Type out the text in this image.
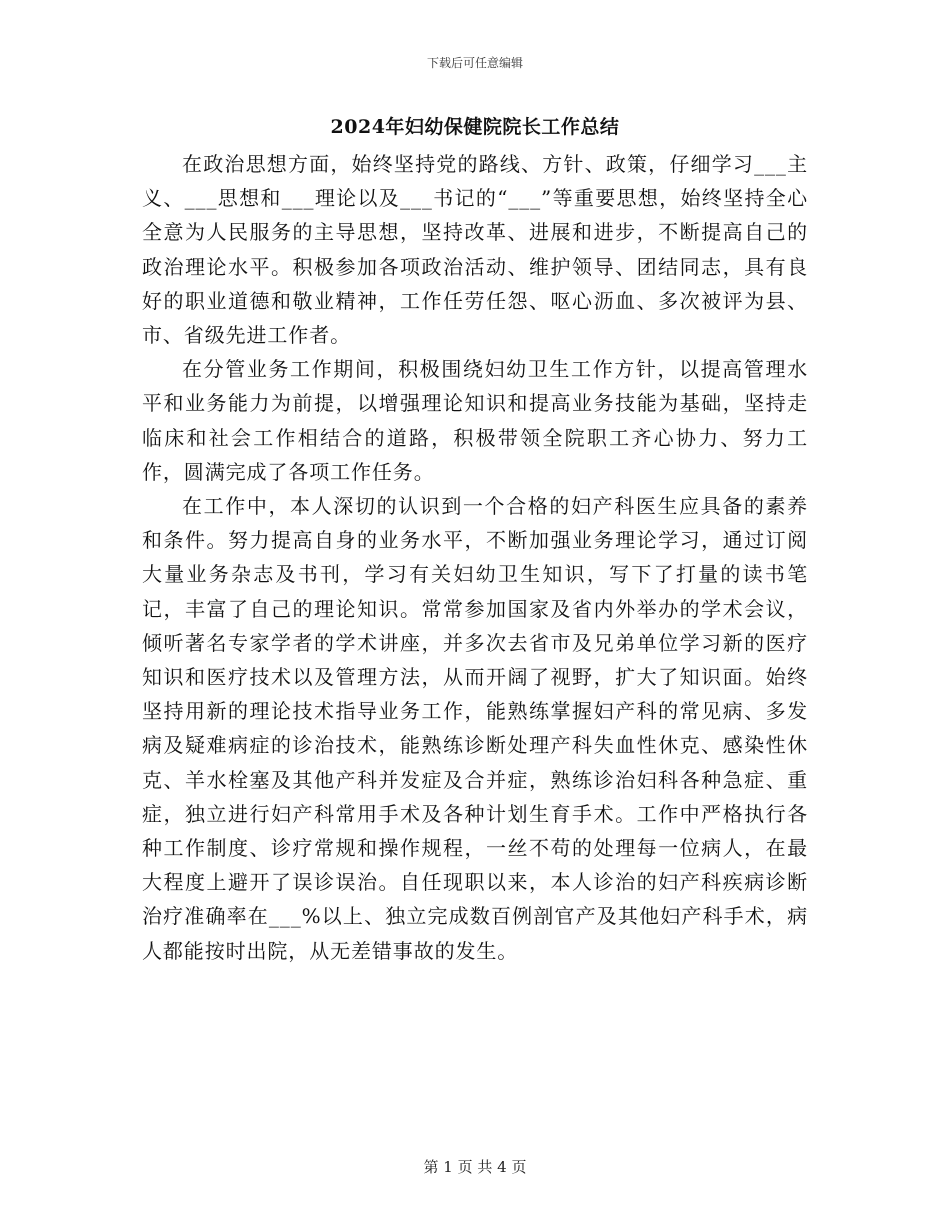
下载后可任意编辑
2024年妇幼保健院院长工作总结

在政治思想方面，始终坚持党的路线、方针、政策，仔细学习___主义、___思想和___理论以及___书记的“___”等重要思想，始终坚持全心全意为人民服务的主导思想，坚持改革、进展和进步，不断提高自己的政治理论水平。积极参加各项政治活动、维护领导、团结同志，具有良好的职业道德和敬业精神，工作任劳任怨、呕心沥血、多次被评为县、市、省级先进工作者。

在分管业务工作期间，积极围绕妇幼卫生工作方针，以提高管理水平和业务能力为前提，以增强理论知识和提高业务技能为基础，坚持走临床和社会工作相结合的道路，积极带领全院职工齐心协力、努力工作，圆满完成了各项工作任务。

在工作中，本人深切的认识到一个合格的妇产科医生应具备的素养和条件。努力提高自身的业务水平，不断加强业务理论学习，通过订阅大量业务杂志及书刊，学习有关妇幼卫生知识，写下了打量的读书笔记，丰富了自己的理论知识。常常参加国家及省内外举办的学术会议，倾听著名专家学者的学术讲座，并多次去省市及兄弟单位学习新的医疗知识和医疗技术以及管理方法，从而开阔了视野，扩大了知识面。始终坚持用新的理论技术指导业务工作，能熟练掌握妇产科的常见病、多发病及疑难病症的诊治技术，能熟练诊断处理产科失血性休克、感染性休克、羊水栓塞及其他产科并发症及合并症，熟练诊治妇科各种急症、重症，独立进行妇产科常用手术及各种计划生育手术。工作中严格执行各种工作制度、诊疗常规和操作规程，一丝不苟的处理每一位病人，在最大程度上避开了误诊误治。自任现职以来，本人诊治的妇产科疾病诊断治疗准确率在___%以上、独立完成数百例剖官产及其他妇产科手术，病人都能按时出院，从无差错事故的发生。

第 1 页 共 4 页
